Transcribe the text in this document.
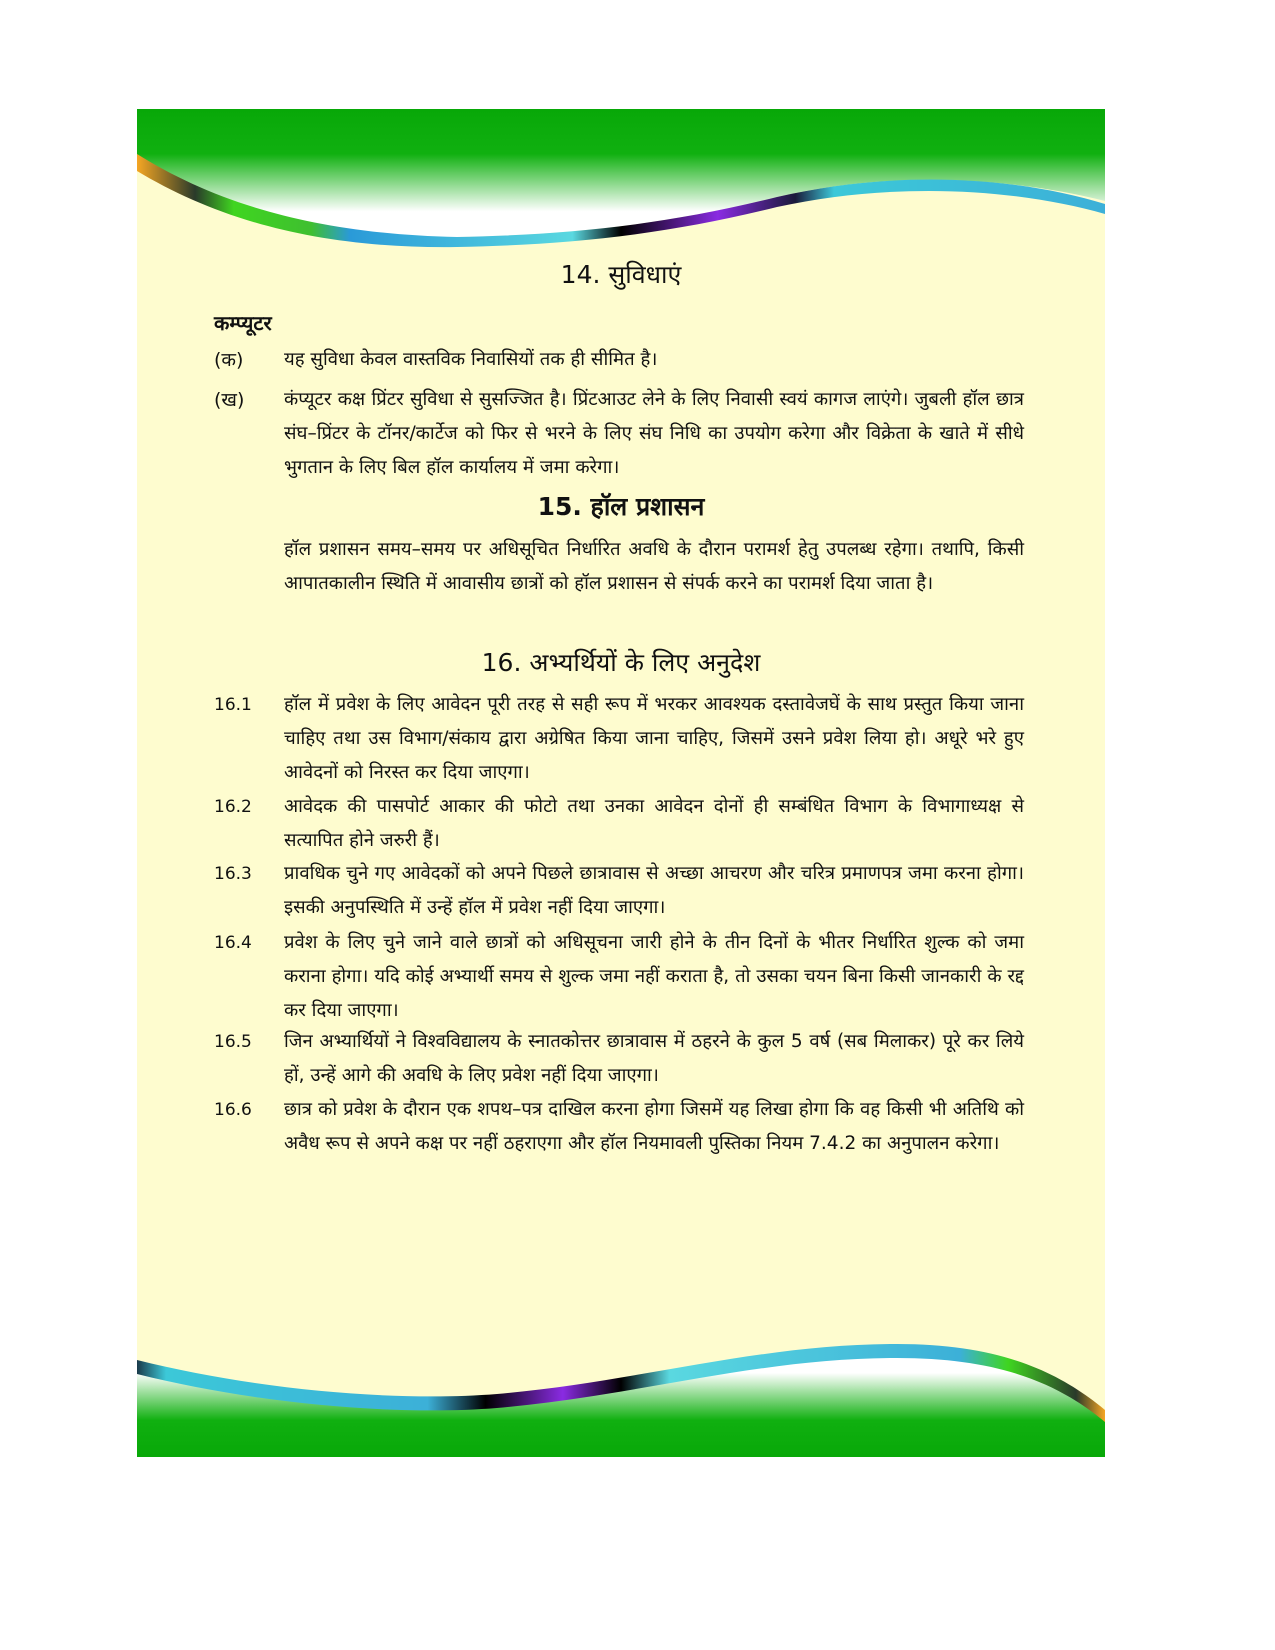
14. सुविधाएं
कम्प्यूटर
(क) यह सुविधा केवल वास्तविक निवासियों तक ही सीमित है।
(ख) कंप्यूटर कक्ष प्रिंटर सुविधा से सुसज्जित है। प्रिंटआउट लेने के लिए निवासी स्वयं कागज लाएंगे। जुबली हॉल छात्र संघ–प्रिंटर के टॉनर/कार्टेज को फिर से भरने के लिए संघ निधि का उपयोग करेगा और विक्रेता के खाते में सीधे भुगतान के लिए बिल हॉल कार्यालय में जमा करेगा।
15. हॉल प्रशासन
हॉल प्रशासन समय–समय पर अधिसूचित निर्धारित अवधि के दौरान परामर्श हेतु उपलब्ध रहेगा। तथापि, किसी आपातकालीन स्थिति में आवासीय छात्रों को हॉल प्रशासन से संपर्क करने का परामर्श दिया जाता है।
16. अभ्यर्थियों के लिए अनुदेश
16.1 हॉल में प्रवेश के लिए आवेदन पूरी तरह से सही रूप में भरकर आवश्यक दस्तावेजघें के साथ प्रस्तुत किया जाना चाहिए तथा उस विभाग/संकाय द्वारा अग्रेषित किया जाना चाहिए, जिसमें उसने प्रवेश लिया हो। अधूरे भरे हुए आवेदनों को निरस्त कर दिया जाएगा।
16.2 आवेदक की पासपोर्ट आकार की फोटो तथा उनका आवेदन दोनों ही सम्बंधित विभाग के विभागाध्यक्ष से सत्यापित होने जरुरी हैं।
16.3 प्रावधिक चुने गए आवेदकों को अपने पिछले छात्रावास से अच्छा आचरण और चरित्र प्रमाणपत्र जमा करना होगा। इसकी अनुपस्थिति में उन्हें हॉल में प्रवेश नहीं दिया जाएगा।
16.4 प्रवेश के लिए चुने जाने वाले छात्रों को अधिसूचना जारी होने के तीन दिनों के भीतर निर्धारित शुल्क को जमा कराना होगा। यदि कोई अभ्यार्थी समय से शुल्क जमा नहीं कराता है, तो उसका चयन बिना किसी जानकारी के रद्द कर दिया जाएगा।
16.5 जिन अभ्यार्थियों ने विश्वविद्यालय के स्नातकोत्तर छात्रावास में ठहरने के कुल 5 वर्ष (सब मिलाकर) पूरे कर लिये हों, उन्हें आगे की अवधि के लिए प्रवेश नहीं दिया जाएगा।
16.6 छात्र को प्रवेश के दौरान एक शपथ–पत्र दाखिल करना होगा जिसमें यह लिखा होगा कि वह किसी भी अतिथि को अवैध रूप से अपने कक्ष पर नहीं ठहराएगा और हॉल नियमावली पुस्तिका नियम 7.4.2 का अनुपालन करेगा।
